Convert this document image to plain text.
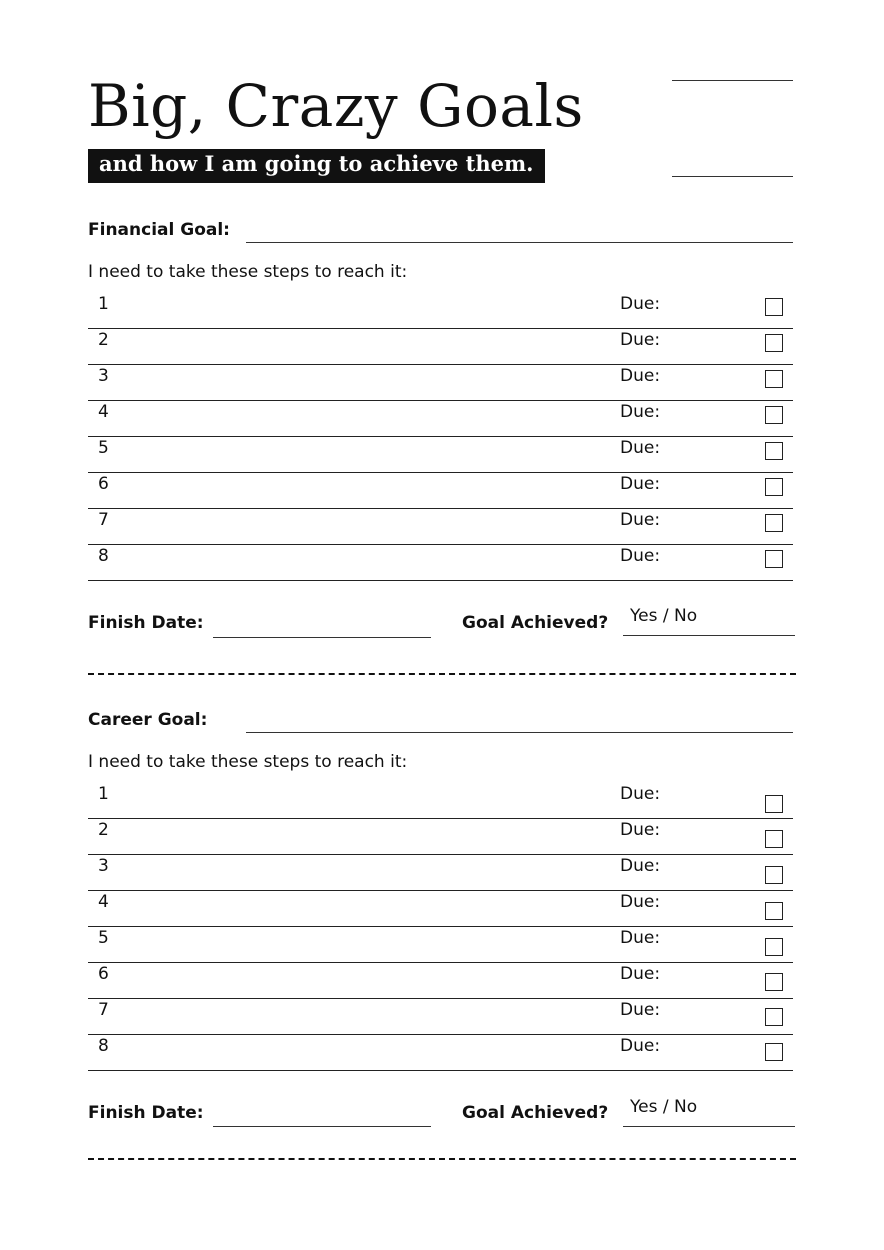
Big, Crazy Goals
and how I am going to achieve them.
Financial Goal:
I need to take these steps to reach it:
1	Due:
2	Due:
3	Due:
4	Due:
5	Due:
6	Due:
7	Due:
8	Due:
Finish Date:	Goal Achieved? Yes / No
Career Goal:
I need to take these steps to reach it:
1	Due:
2	Due:
3	Due:
4	Due:
5	Due:
6	Due:
7	Due:
8	Due:
Finish Date:	Goal Achieved? Yes / No
